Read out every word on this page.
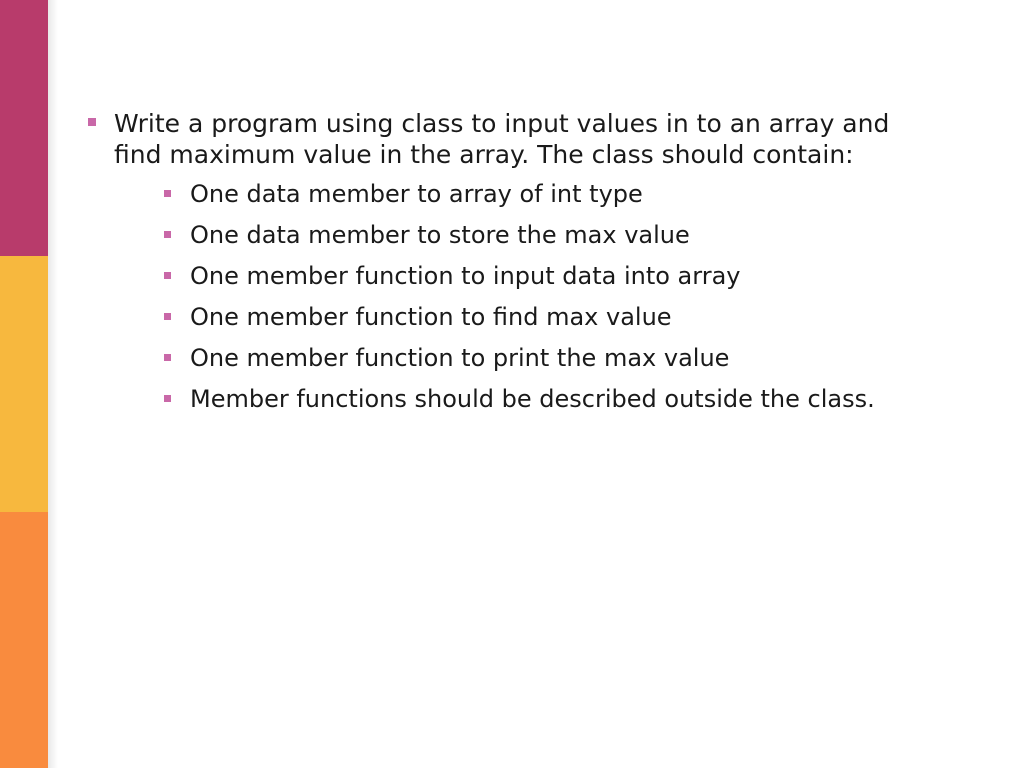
Write a program using class to input values in to an array and find maximum value in the array. The class should contain:
One data member to array of int type
One data member to store the max value
One member function to input data into array
One member function to find max value
One member function to print the max value
Member functions should be described outside the class.
